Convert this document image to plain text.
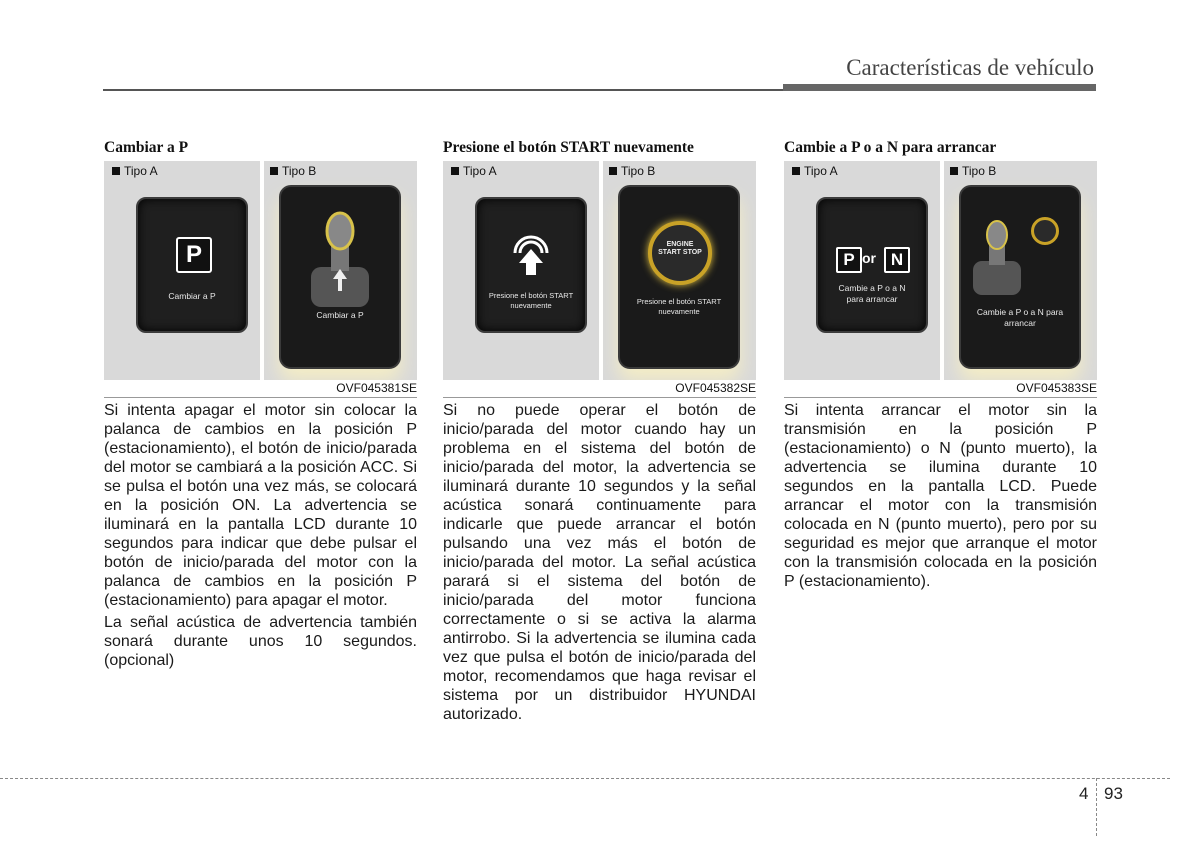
Características de vehículo
Cambiar a P
Tipo A	Tipo B
P
Cambiar a P
Cambiar a P
OVF045381SE

Si intenta apagar el motor sin colocar la palanca de cambios en la posición P (estacionamiento), el botón de inicio/parada del motor se cambiará a la posición ACC. Si se pulsa el botón una vez más, se colocará en la posición ON. La advertencia se iluminará en la pantalla LCD durante 10 segundos para indicar que debe pulsar el botón de inicio/parada del motor con la palanca de cambios en la posición P (estacionamiento) para apagar el motor.

La señal acústica de advertencia también sonará durante unos 10 segundos. (opcional)

Presione el botón START nuevamente
Tipo A	Tipo B
Presione el botón START nuevamente
ENGINE START STOP
Presione el botón START nuevamente
OVF045382SE

Si no puede operar el botón de inicio/parada del motor cuando hay un problema en el sistema del botón de inicio/parada del motor, la advertencia se iluminará durante 10 segundos y la señal acústica sonará continuamente para indicarle que puede arrancar el botón pulsando una vez más el botón de inicio/parada del motor. La señal acústica parará si el sistema del botón de inicio/parada del motor funciona correctamente o si se activa la alarma antirrobo. Si la advertencia se ilumina cada vez que pulsa el botón de inicio/parada del motor, recomendamos que haga revisar el sistema por un distribuidor HYUNDAI autorizado.

Cambie a P o a N para arrancar
Tipo A	Tipo B
P or N
Cambie a P o a N para arrancar
Cambie a P o a N para arrancar
OVF045383SE

Si intenta arrancar el motor sin la transmisión en la posición P (estacionamiento) o N (punto muerto), la advertencia se ilumina durante 10 segundos en la pantalla LCD. Puede arrancar el motor con la transmisión colocada en N (punto muerto), pero por su seguridad es mejor que arranque el motor con la transmisión colocada en la posición P (estacionamiento).

4 93
